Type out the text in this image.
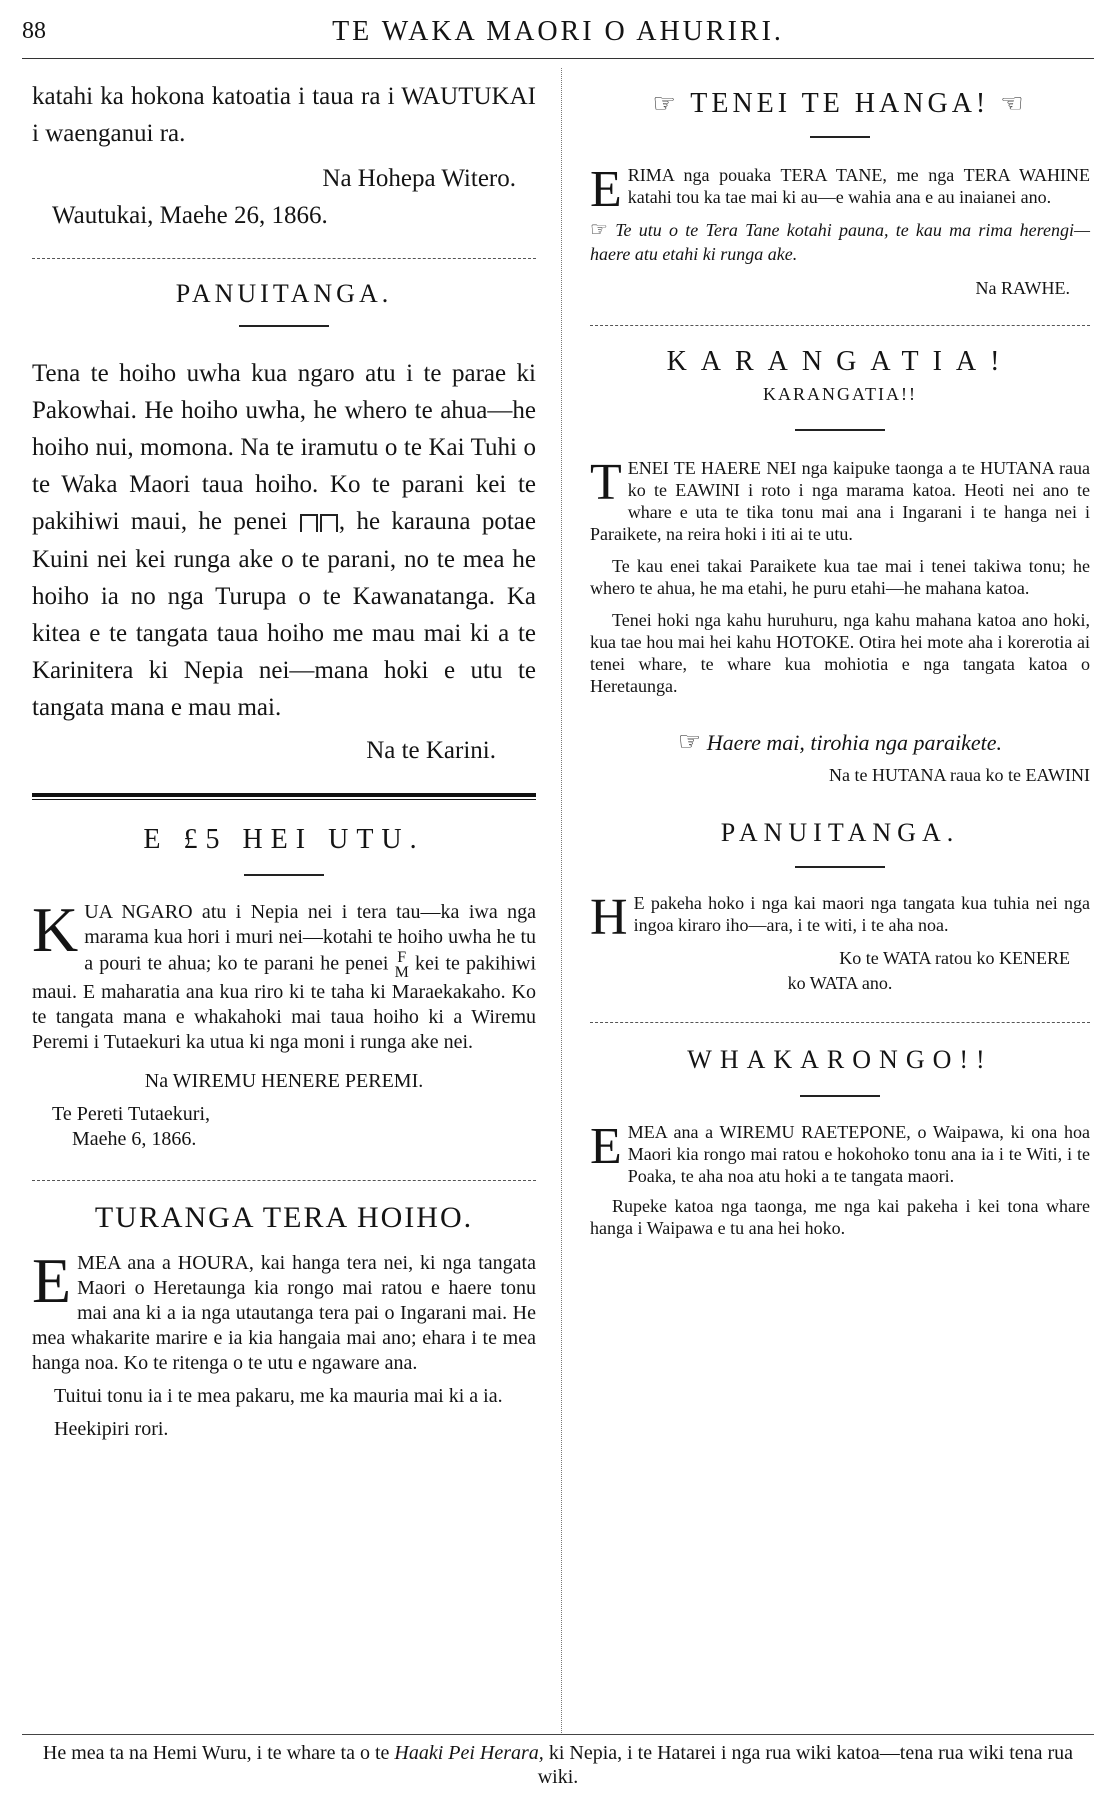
88	TE WAKA MAORI O AHURIRI.

katahi ka hokona katoatia i taua ra i WAUTUKAI i waenganui ra.

Na Hohepa Witero.

Wautukai, Maehe 26, 1866.

PANUITANGA.

Tena te hoiho uwha kua ngaro atu i te parae ki Pakowhai. He hoiho uwha, he whero te ahua—he hoiho nui, momona. Na te iramutu o te Kai Tuhi o te Waka Maori taua hoiho. Ko te parani kei te pakihiwi maui, he penei , he karauna potae Kuini nei kei runga ake o te parani, no te mea he hoiho ia no nga Turupa o te Kawanatanga. Ka kitea e te tangata taua hoiho me mau mai ki a te Karinitera ki Nepia nei—mana hoki e utu te tangata mana e mau mai.

Na te Karini.

E £5 HEI UTU.

KUA NGARO atu i Nepia nei i tera tau—ka iwa nga marama kua hori i muri nei—kotahi te hoiho uwha he tu a pouri te ahua; ko te parani he penei F
M kei te pakihiwi maui. E maharatia ana kua riro ki te taha ki Maraekakaho. Ko te tangata mana e whakahoki mai taua hoiho ki a Wiremu Peremi i Tutaekuri ka utua ki nga moni i runga ake nei.

Na WIREMU HENERE PEREMI.

Te Pereti Tutaekuri,

Maehe 6, 1866.

TURANGA TERA HOIHO.

EMEA ana a HOURA, kai hanga tera nei, ki nga tangata Maori o Heretaunga kia rongo mai ratou e haere tonu mai ana ki a ia nga utautanga tera pai o Ingarani mai. He mea whakarite marire e ia kia hangaia mai ano; ehara i te mea hanga noa. Ko te ritenga o te utu e ngaware ana.

Tuitui tonu ia i te mea pakaru, me ka mauria mai ki a ia.

Heekipiri rori.

☞ TENEI TE HANGA! ☜

ERIMA nga pouaka TERA TANE, me nga TERA WAHINE katahi tou ka tae mai ki au—e wahia ana e au inaianei ano.

☞ Te utu o te Tera Tane kotahi pauna, te kau ma rima herengi—haere atu etahi ki runga ake.

Na RAWHE.

KARANGATIA!

KARANGATIA!!

TENEI TE HAERE NEI nga kaipuke taonga a te HUTANA raua ko te EAWINI i roto i nga marama katoa. Heoti nei ano te whare e uta te tika tonu mai ana i Ingarani i te hanga nei i Paraikete, na reira hoki i iti ai te utu.

Te kau enei takai Paraikete kua tae mai i tenei takiwa tonu; he whero te ahua, he ma etahi, he puru etahi—he mahana katoa.

Tenei hoki nga kahu huruhuru, nga kahu mahana katoa ano hoki, kua tae hou mai hei kahu HOTOKE. Otira hei mote aha i korerotia ai tenei whare, te whare kua mohiotia e nga tangata katoa o Heretaunga.

☞ Haere mai, tirohia nga paraikete.

Na te HUTANA raua ko te EAWINI

PANUITANGA.

H E pakeha hoko i nga kai maori nga tangata kua tuhia nei nga ingoa kiraro iho—ara, i te witi, i te aha noa.

Ko te WATA ratou ko KENERE

ko WATA ano.

WHAKARONGO!!

EMEA ana a WIREMU RAETEPONE, o Waipawa, ki ona hoa Maori kia rongo mai ratou e hokohoko tonu ana ia i te Witi, i te Poaka, te aha noa atu hoki a te tangata maori.

Rupeke katoa nga taonga, me nga kai pakeha i kei tona whare hanga i Waipawa e tu ana hei hoko.

He mea ta na Hemi Wuru, i te whare ta o te Haaki Pei Herara, ki Nepia, i te Hatarei i nga rua wiki katoa—tena rua wiki tena rua wiki.
